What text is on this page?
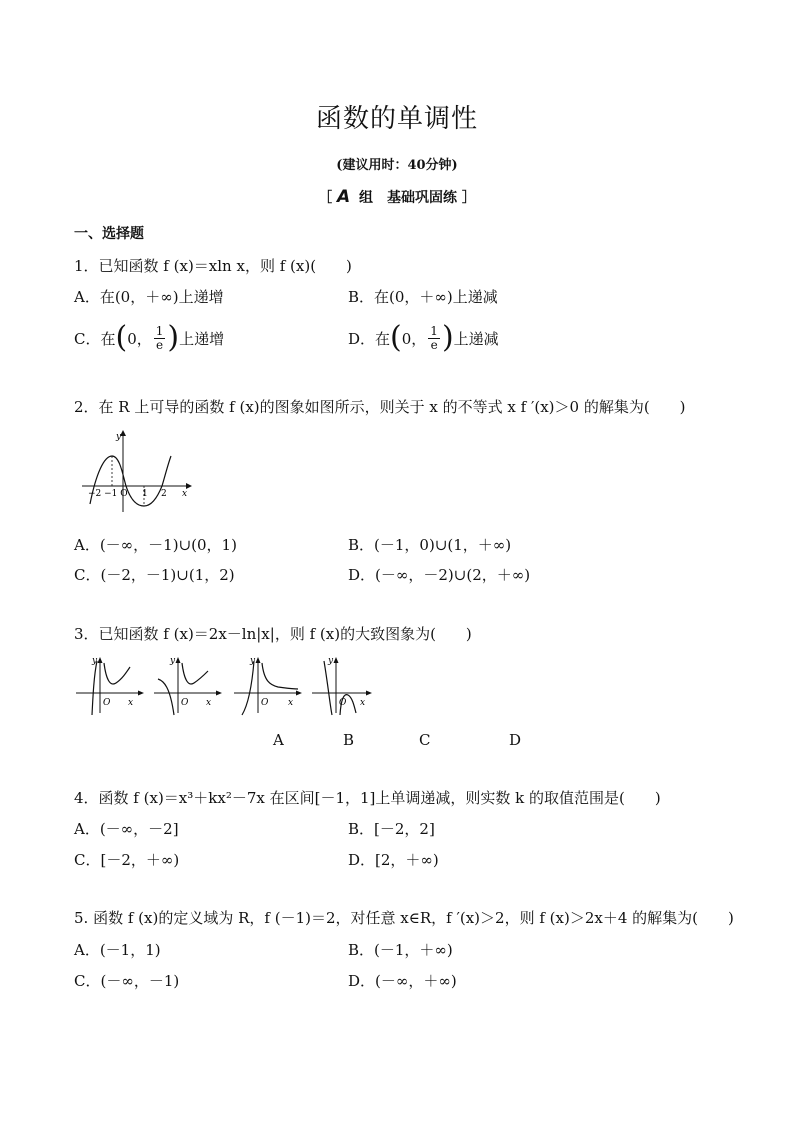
函数的单调性
(建议用时：40分钟)
［ A 组　基础巩固练 ］
一、选择题
1．已知函数 f (x)＝xln x，则 f (x)(　　)
A．在(0，＋∞)上递增	B．在(0，＋∞)上递减
C．在 ( 0， $\frac{1}{e}$ ) 上递增	D．在 ( 0， $\frac{1}{e}$ ) 上递减
2．在 R 上可导的函数 f (x)的图象如图所示，则关于 x 的不等式 x f ′(x)＞0 的解集为(　　)
y
x
−2 −1 O 1 2
A．(－∞，－1)∪(0，1)	B．(－1，0)∪(1，＋∞)
C．(－2，－1)∪(1，2)	D．(－∞，－2)∪(2，＋∞)
3．已知函数 f (x)＝2x－ln|x|，则 f (x)的大致图象为(　　)
y
O x
y
O x
y
O x
y
O x
A	B	C	D
4．函数 f (x)＝x³＋kx²－7x 在区间[－1，1]上单调递减，则实数 k 的取值范围是(　　)
A．(－∞，－2]	B．[－2，2]
C．[－2，＋∞)	D．[2，＋∞)
5. 函数 f (x)的定义域为 R，f (－1)＝2，对任意 x∈R，f ′(x)＞2，则 f (x)＞2x＋4 的解集为(　　)
A．(－1，1)	B．(－1，＋∞)
C．(－∞，－1)	D．(－∞，＋∞)
